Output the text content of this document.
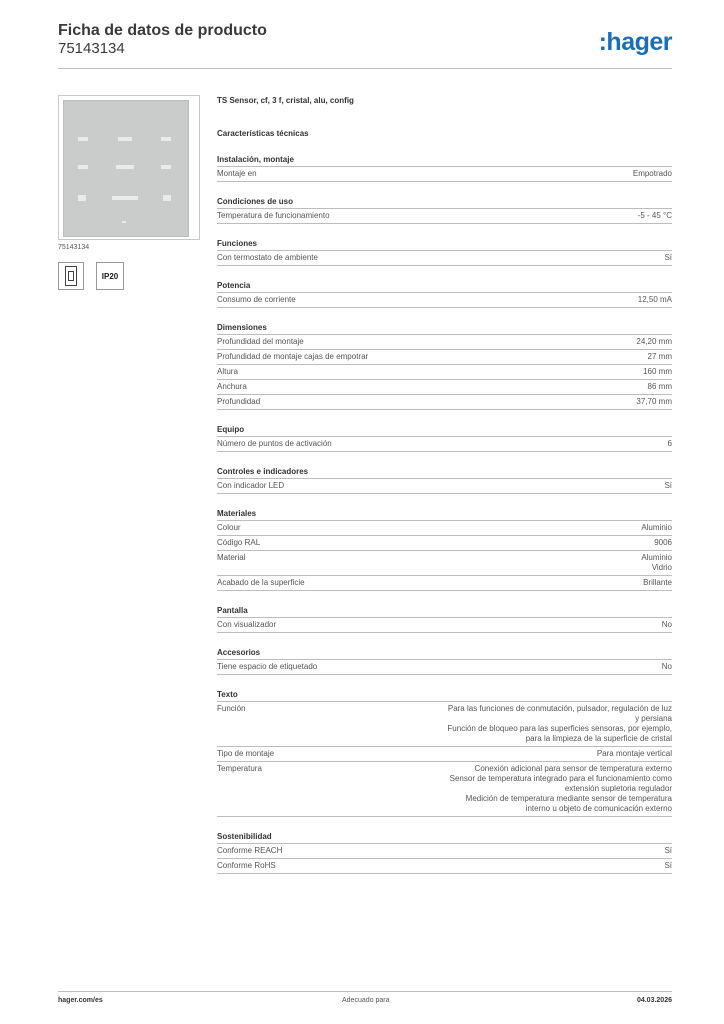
Ficha de datos de producto
75143134	:hager
75143134
IP20
TS Sensor, cf, 3 f, cristal, alu, config
Características técnicas
Instalación, montaje
Montaje en	Empotrado
Condiciones de uso
Temperatura de funcionamiento	-5 - 45 °C
Funciones
Con termostato de ambiente	Sí
Potencia
Consumo de corriente	12,50 mA
Dimensiones
Profundidad del montaje	24,20 mm
Profundidad de montaje cajas de empotrar	27 mm
Altura	160 mm
Anchura	86 mm
Profundidad	37,70 mm
Equipo
Número de puntos de activación	6
Controles e indicadores
Con indicador LED	Sí
Materiales
Colour	Aluminio
Código RAL	9006
Material	Aluminio
Vidrio
Acabado de la superficie	Brillante
Pantalla
Con visualizador	No
Accesorios
Tiene espacio de etiquetado	No
Texto
Función	Para las funciones de conmutación, pulsador, regulación de luz
y persiana
Función de bloqueo para las superficies sensoras, por ejemplo,
para la limpieza de la superficie de cristal
Tipo de montaje	Para montaje vertical
Temperatura	Conexión adicional para sensor de temperatura externo
Sensor de temperatura integrado para el funcionamiento como
extensión supletoria regulador
Medición de temperatura mediante sensor de temperatura
interno u objeto de comunicación externo
Sostenibilidad
Conforme REACH	Sí
Conforme RoHS	Sí
hager.com/es	Adecuado para	04.03.2026
